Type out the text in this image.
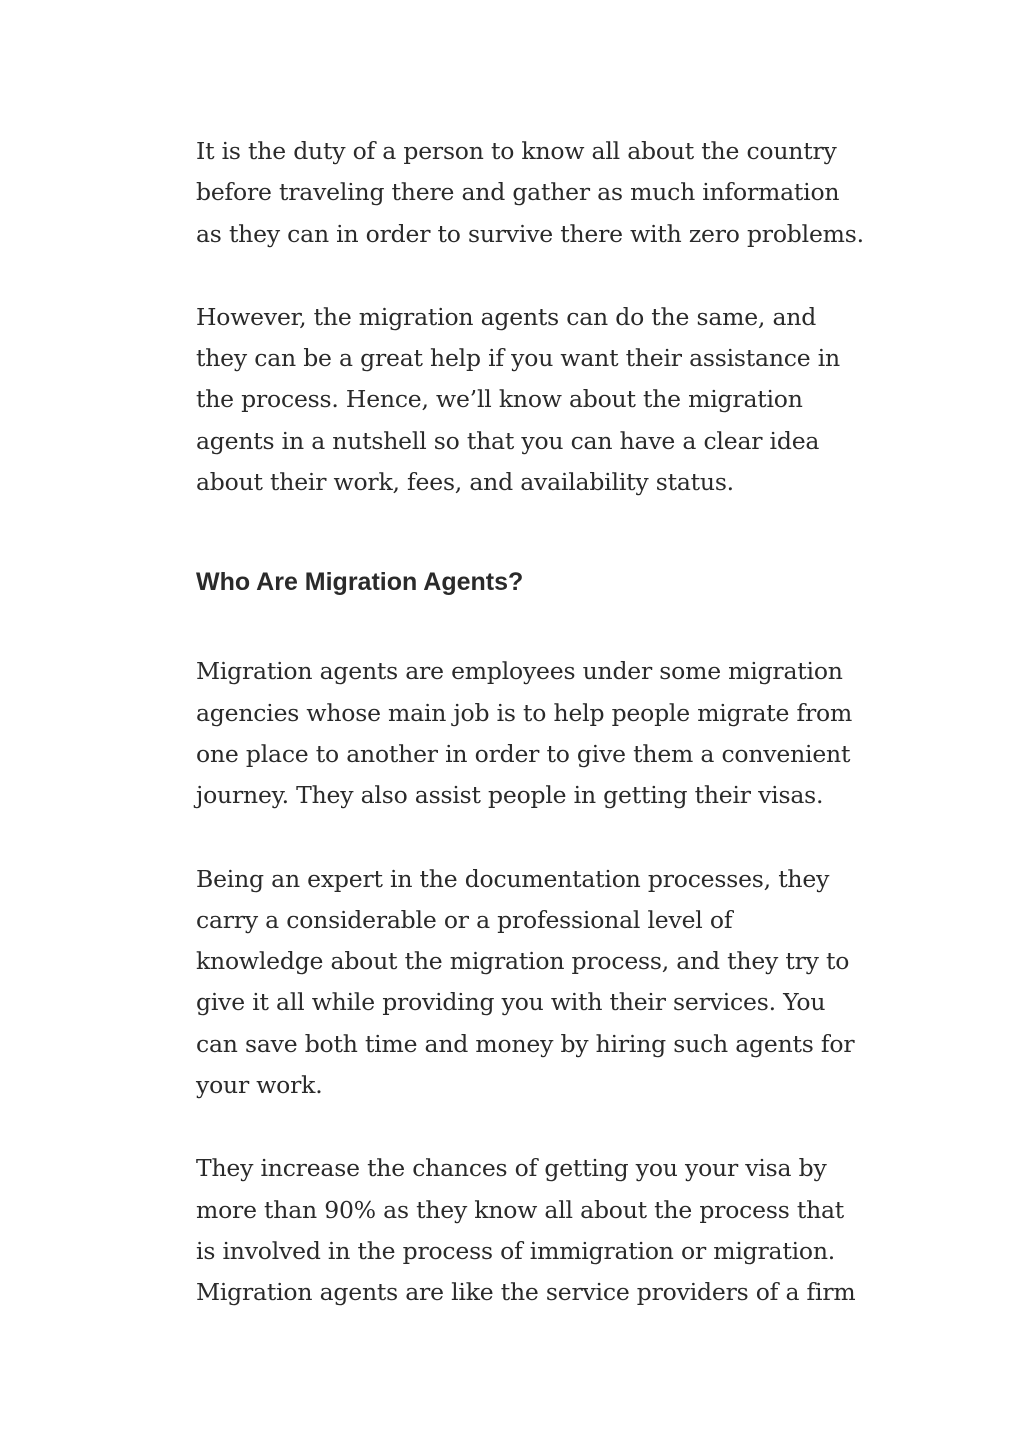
It is the duty of a person to know all about the country
before traveling there and gather as much information
as they can in order to survive there with zero problems.

However, the migration agents can do the same, and
they can be a great help if you want their assistance in
the process. Hence, we’ll know about the migration
agents in a nutshell so that you can have a clear idea
about their work, fees, and availability status.

Who Are Migration Agents?

Migration agents are employees under some migration
agencies whose main job is to help people migrate from
one place to another in order to give them a convenient
journey. They also assist people in getting their visas.

Being an expert in the documentation processes, they
carry a considerable or a professional level of
knowledge about the migration process, and they try to
give it all while providing you with their services. You
can save both time and money by hiring such agents for
your work.

They increase the chances of getting you your visa by
more than 90% as they know all about the process that
is involved in the process of immigration or migration.
Migration agents are like the service providers of a firm
